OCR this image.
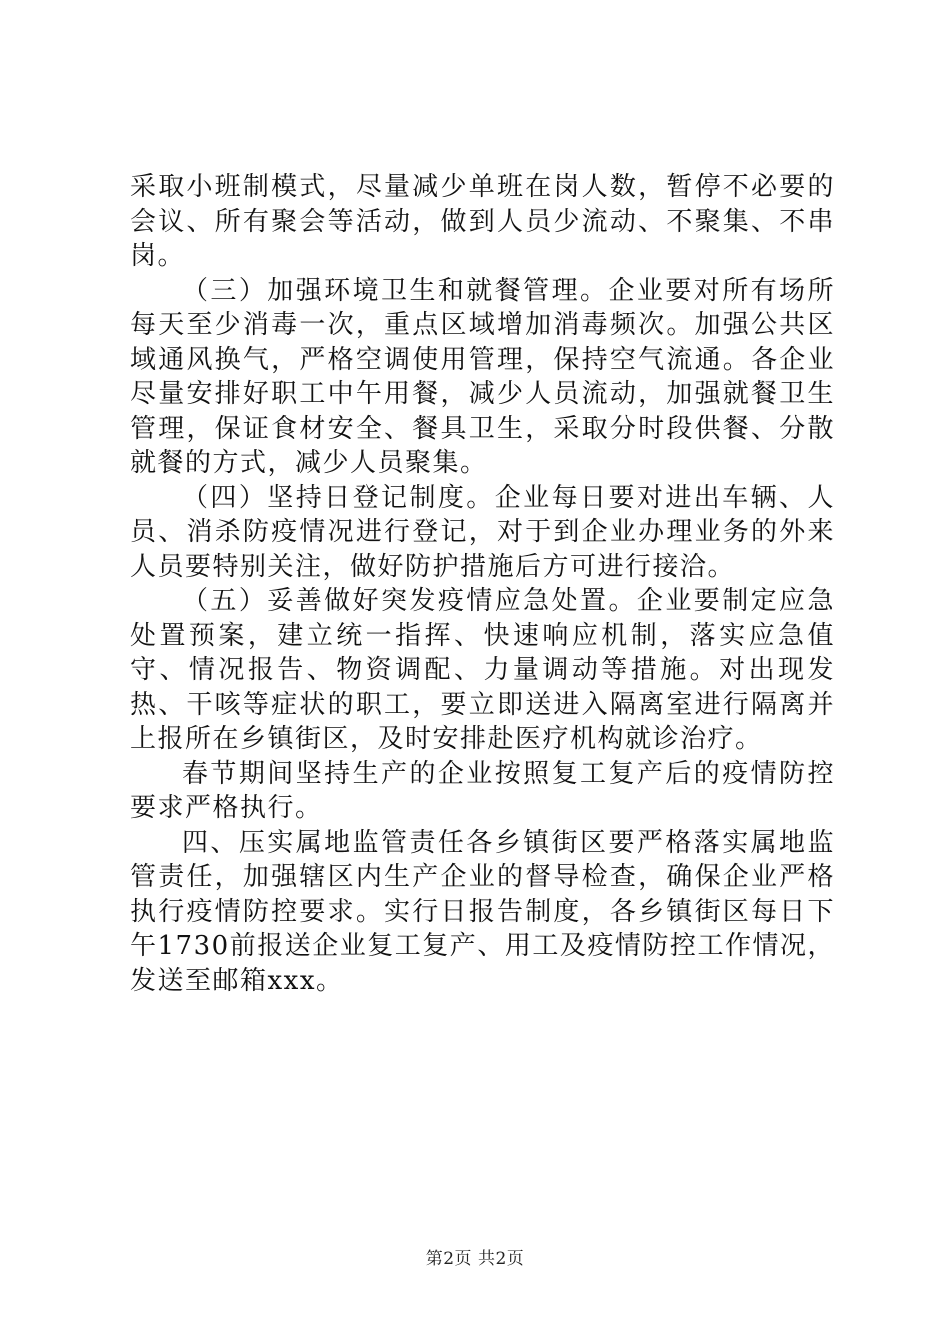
采取小班制模式，尽量减少单班在岗人数，暂停不必要的会议、所有聚会等活动，做到人员少流动、不聚集、不串岗。

（三）加强环境卫生和就餐管理。企业要对所有场所每天至少消毒一次，重点区域增加消毒频次。加强公共区域通风换气，严格空调使用管理，保持空气流通。各企业尽量安排好职工中午用餐，减少人员流动，加强就餐卫生管理，保证食材安全、餐具卫生，采取分时段供餐、分散就餐的方式，减少人员聚集。

（四）坚持日登记制度。企业每日要对进出车辆、人员、消杀防疫情况进行登记，对于到企业办理业务的外来人员要特别关注，做好防护措施后方可进行接洽。

（五）妥善做好突发疫情应急处置。企业要制定应急处置预案，建立统一指挥、快速响应机制，落实应急值守、情况报告、物资调配、力量调动等措施。对出现发热、干咳等症状的职工，要立即送进入隔离室进行隔离并上报所在乡镇街区，及时安排赴医疗机构就诊治疗。

春节期间坚持生产的企业按照复工复产后的疫情防控要求严格执行。

四、压实属地监管责任各乡镇街区要严格落实属地监管责任，加强辖区内生产企业的督导检查，确保企业严格执行疫情防控要求。实行日报告制度，各乡镇街区每日下午1730前报送企业复工复产、用工及疫情防控工作情况，发送至邮箱xxx。

第2页 共2页
